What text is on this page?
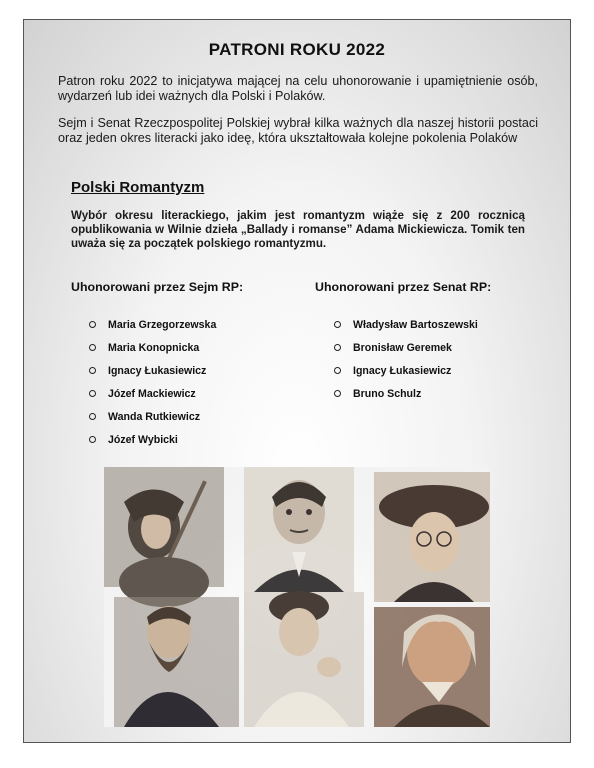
PATRONI ROKU 2022
Patron roku 2022 to inicjatywa mającej na celu uhonorowanie i upamiętnienie osób, wydarzeń lub idei ważnych dla Polski i Polaków.
Sejm i Senat Rzeczpospolitej Polskiej wybrał kilka ważnych dla naszej historii postaci oraz jeden okres literacki jako ideę, która ukształtowała kolejne pokolenia Polaków
Polski Romantyzm
Wybór okresu literackiego, jakim jest romantyzm wiąże się z 200 rocznicą opublikowania w Wilnie dzieła „Ballady i romanse” Adama Mickiewicza. Tomik ten uważa się za początek polskiego romantyzmu.
Uhonorowani przez Sejm RP:	Uhonorowani przez Senat RP:
Maria Grzegorzewska
Maria Konopnicka
Ignacy Łukasiewicz
Józef Mackiewicz
Wanda Rutkiewicz
Józef Wybicki
Władysław Bartoszewski
Bronisław Geremek
Ignacy Łukasiewicz
Bruno Schulz
